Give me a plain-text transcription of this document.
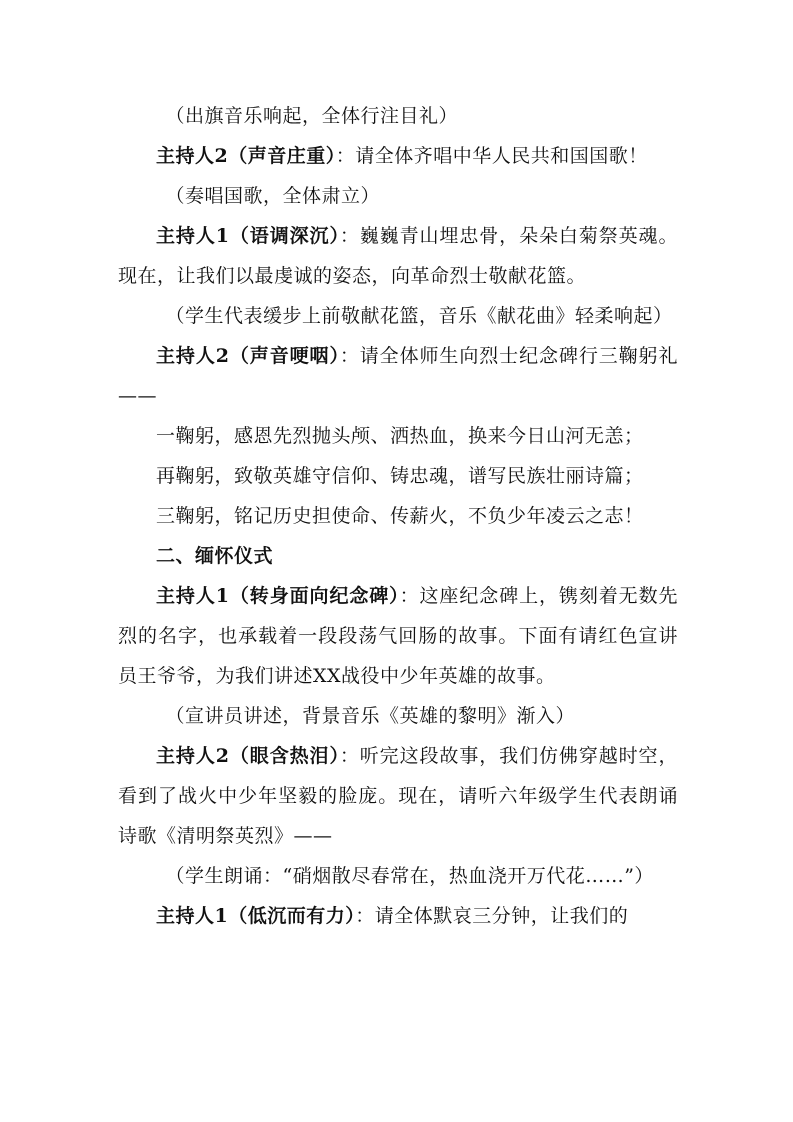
（出旗音乐响起，全体行注目礼）

主持人2（声音庄重）：请全体齐唱中华人民共和国国歌！

（奏唱国歌，全体肃立）

主持人1（语调深沉）：巍巍青山埋忠骨，朵朵白菊祭英魂。现在，让我们以最虔诚的姿态，向革命烈士敬献花篮。

（学生代表缓步上前敬献花篮，音乐《献花曲》轻柔响起）

主持人2（声音哽咽）：请全体师生向烈士纪念碑行三鞠躬礼——

一鞠躬，感恩先烈抛头颅、洒热血，换来今日山河无恙；

再鞠躬，致敬英雄守信仰、铸忠魂，谱写民族壮丽诗篇；

三鞠躬，铭记历史担使命、传薪火，不负少年凌云之志！

二、缅怀仪式

主持人1（转身面向纪念碑）：这座纪念碑上，镌刻着无数先烈的名字，也承载着一段段荡气回肠的故事。下面有请红色宣讲员王爷爷，为我们讲述XX战役中少年英雄的故事。

（宣讲员讲述，背景音乐《英雄的黎明》渐入）

主持人2（眼含热泪）：听完这段故事，我们仿佛穿越时空，看到了战火中少年坚毅的脸庞。现在，请听六年级学生代表朗诵诗歌《清明祭英烈》——

（学生朗诵：“硝烟散尽春常在，热血浇开万代花……”）

主持人1（低沉而有力）：请全体默哀三分钟，让我们的
